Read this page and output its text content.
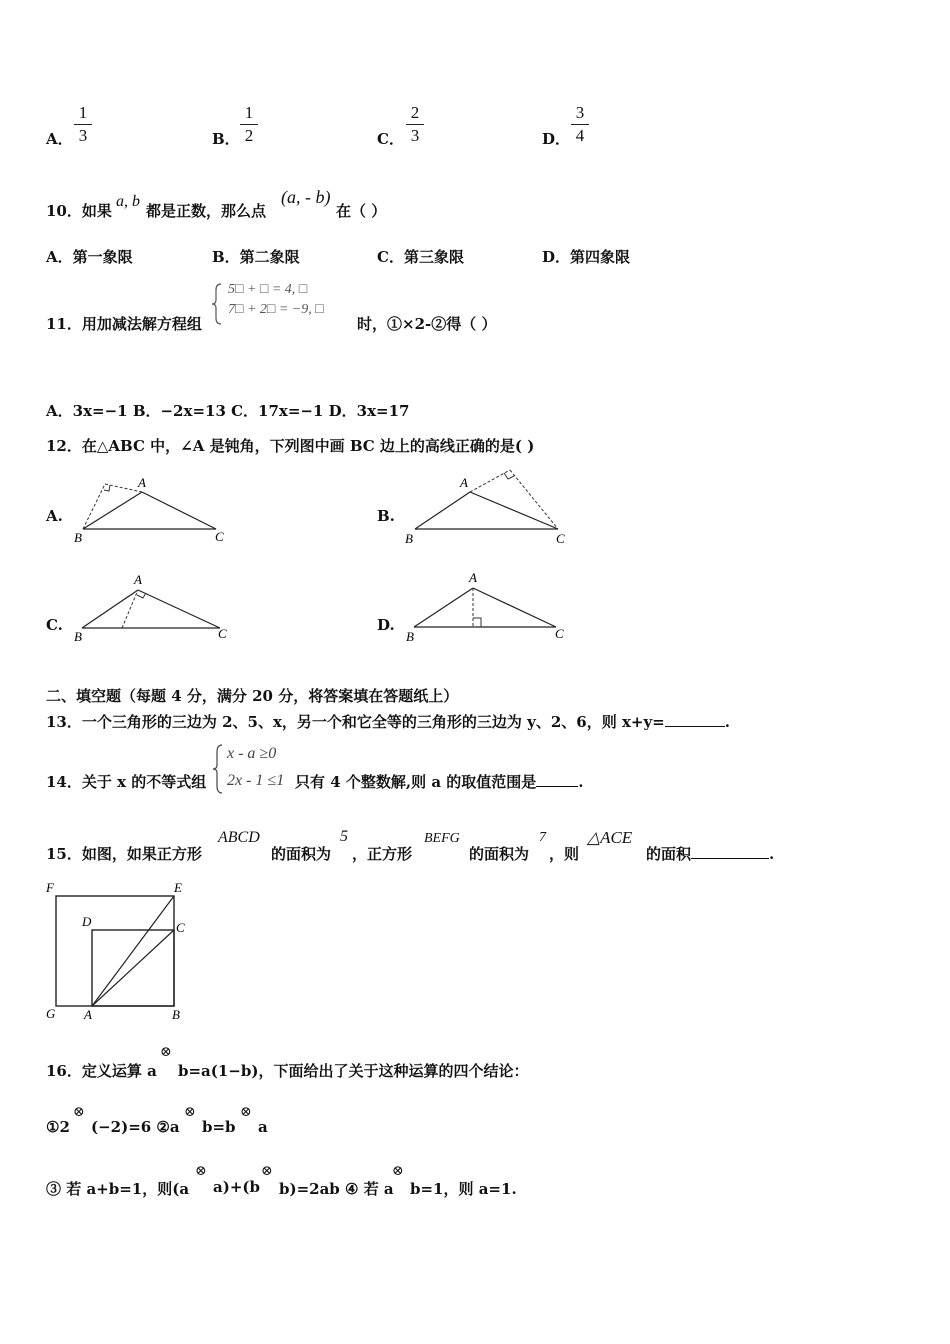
A．
1
3	B．
1
2	C．
2
3	D．
3
4
10．如果
a, b
都是正数，那么点
(a, - b)
在（ ）
A．第一象限	B．第二象限	C．第三象限	D．第四象限
11．用加减法解方程组
5□ + □ = 4, □
7□ + 2□ = −9, □
时，①×2-②得（ ）
A．3x=−1 B．−2x=13 C．17x=−1 D．3x=17
12．在△ABC 中，∠A 是钝角，下列图中画 BC 边上的高线正确的是( )
A.
A
B	C
B.
A
B	C
C.
A
B	C	D.
A
B	C
二、填空题（每题 4 分，满分 20 分，将答案填在答题纸上）
13．一个三角形的三边为 2、5、x，另一个和它全等的三角形的三边为 y、2、6，则 x+y=	.
14．关于 x 的不等式组
x - a ≥0
2x - 1 ≤1 只有 4 个整数解,则 a 的取值范围是	.
15．如图，如果正方形
ABCD
的面积为
5
，正方形
BEFG
的面积为
7
，则
△ACE
的面积	.
F	E
D	C
G A	B
16．定义运算 a
⊗
b=a(1−b)，下面给出了关于这种运算的四个结论：
①2
⊗
(−2)=6 ②a
⊗
b=b
⊗
a
③ 若 a+b=1，则(a
⊗
a)+(b
⊗
b)=2ab ④ 若 a
⊗
b=1，则 a=1.
